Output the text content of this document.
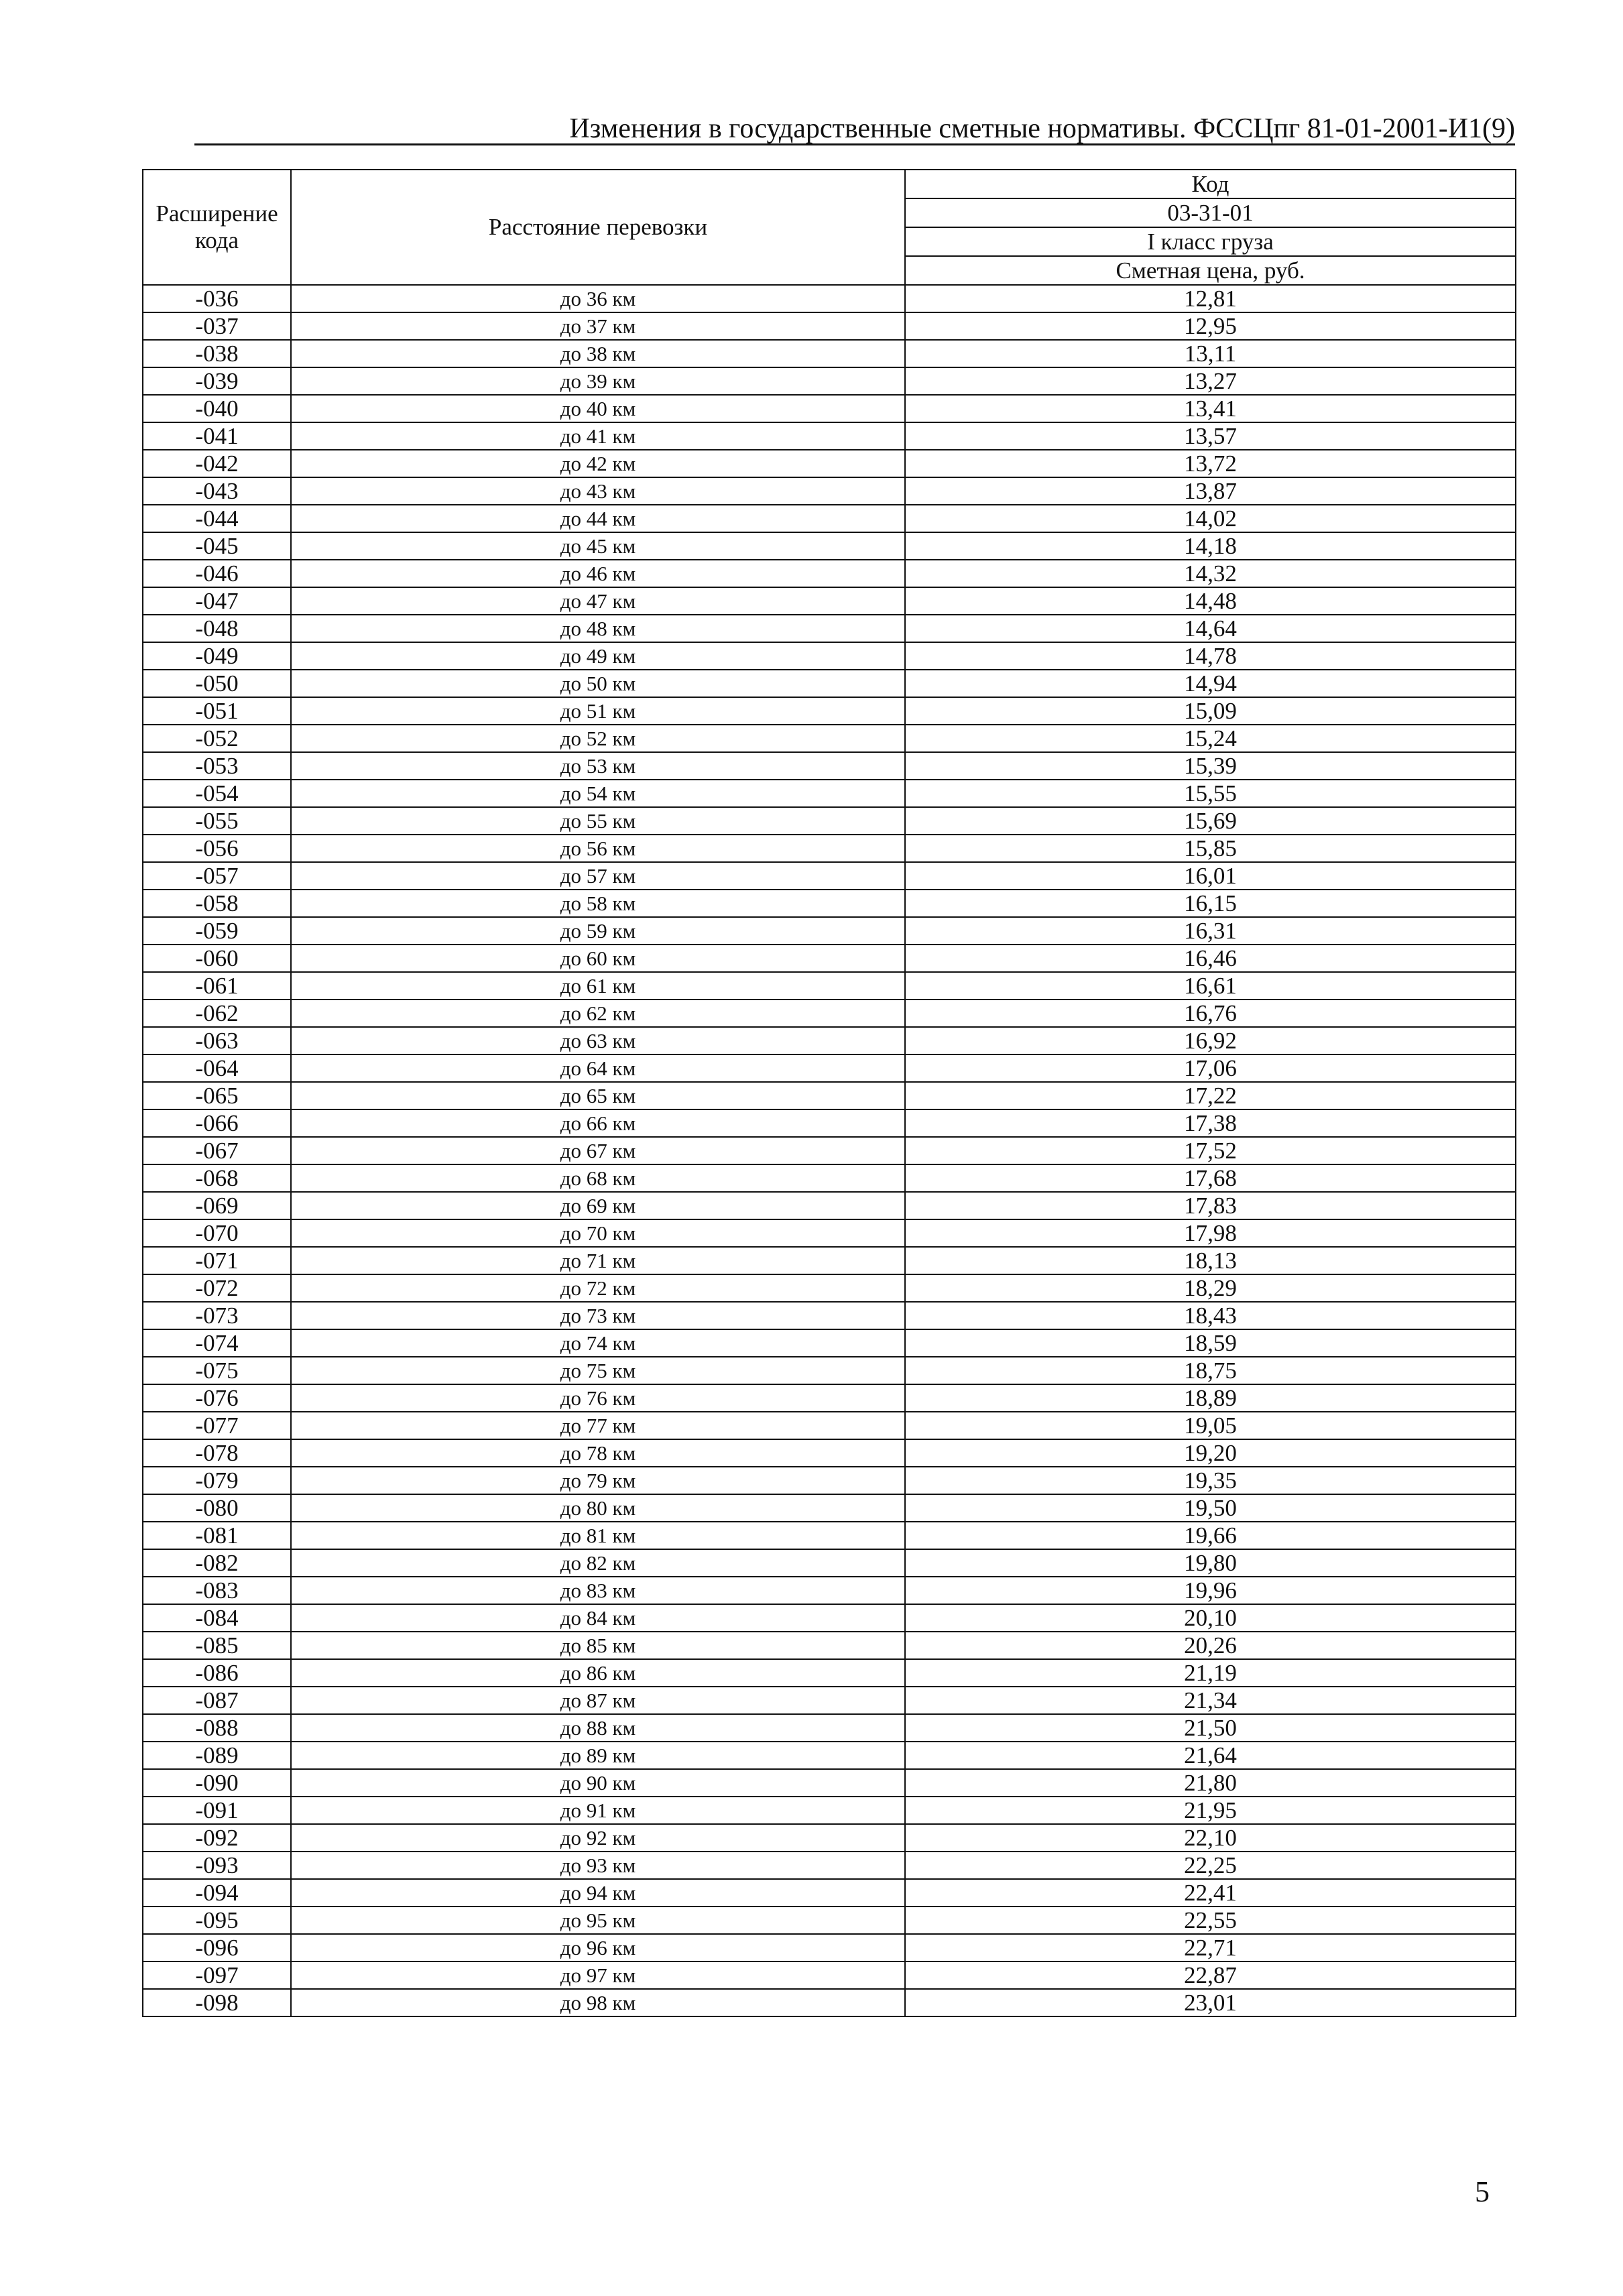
Изменения в государственные сметные нормативы. ФССЦпг 81-01-2001-И1(9)
Расширение кода	Расстояние перевозки	Код
		03-31-01
		I класс груза
		Сметная цена, руб.
-036	до 36 км	12,81
-037	до 37 км	12,95
-038	до 38 км	13,11
-039	до 39 км	13,27
-040	до 40 км	13,41
-041	до 41 км	13,57
-042	до 42 км	13,72
-043	до 43 км	13,87
-044	до 44 км	14,02
-045	до 45 км	14,18
-046	до 46 км	14,32
-047	до 47 км	14,48
-048	до 48 км	14,64
-049	до 49 км	14,78
-050	до 50 км	14,94
-051	до 51 км	15,09
-052	до 52 км	15,24
-053	до 53 км	15,39
-054	до 54 км	15,55
-055	до 55 км	15,69
-056	до 56 км	15,85
-057	до 57 км	16,01
-058	до 58 км	16,15
-059	до 59 км	16,31
-060	до 60 км	16,46
-061	до 61 км	16,61
-062	до 62 км	16,76
-063	до 63 км	16,92
-064	до 64 км	17,06
-065	до 65 км	17,22
-066	до 66 км	17,38
-067	до 67 км	17,52
-068	до 68 км	17,68
-069	до 69 км	17,83
-070	до 70 км	17,98
-071	до 71 км	18,13
-072	до 72 км	18,29
-073	до 73 км	18,43
-074	до 74 км	18,59
-075	до 75 км	18,75
-076	до 76 км	18,89
-077	до 77 км	19,05
-078	до 78 км	19,20
-079	до 79 км	19,35
-080	до 80 км	19,50
-081	до 81 км	19,66
-082	до 82 км	19,80
-083	до 83 км	19,96
-084	до 84 км	20,10
-085	до 85 км	20,26
-086	до 86 км	21,19
-087	до 87 км	21,34
-088	до 88 км	21,50
-089	до 89 км	21,64
-090	до 90 км	21,80
-091	до 91 км	21,95
-092	до 92 км	22,10
-093	до 93 км	22,25
-094	до 94 км	22,41
-095	до 95 км	22,55
-096	до 96 км	22,71
-097	до 97 км	22,87
-098	до 98 км	23,01
5
